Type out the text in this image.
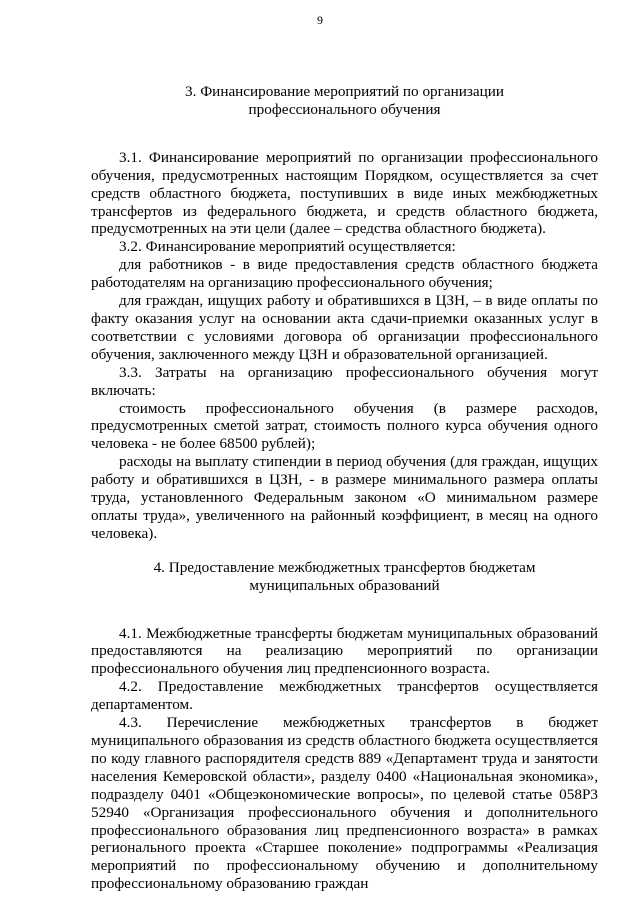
9
3. Финансирование мероприятий по организации
профессионального обучения

3.1. Финансирование мероприятий по организации профессионального обучения, предусмотренных настоящим Порядком, осуществляется за счет средств областного бюджета, поступивших в виде иных межбюджетных трансфертов из федерального бюджета, и средств областного бюджета, предусмотренных на эти цели (далее – средства областного бюджета).

3.2. Финансирование мероприятий осуществляется:

для работников - в виде предоставления средств областного бюджета работодателям на организацию профессионального обучения;

для граждан, ищущих работу и обратившихся в ЦЗН, – в виде оплаты по факту оказания услуг на основании акта сдачи-приемки оказанных услуг в соответствии с условиями договора об организации профессионального обучения, заключенного между ЦЗН и образовательной организацией.

3.3. Затраты на организацию профессионального обучения могут включать:

стоимость профессионального обучения (в размере расходов, предусмотренных сметой затрат, стоимость полного курса обучения одного человека - не более 68500 рублей);

расходы на выплату стипендии в период обучения (для граждан, ищущих работу и обратившихся в ЦЗН, - в размере минимального размера оплаты труда, установленного Федеральным законом «О минимальном размере оплаты труда», увеличенного на районный коэффициент, в месяц на одного человека).

4. Предоставление межбюджетных трансфертов бюджетам
муниципальных образований

4.1. Межбюджетные трансферты бюджетам муниципальных образований предоставляются на реализацию мероприятий по организации профессионального обучения лиц предпенсионного возраста.

4.2. Предоставление межбюджетных трансфертов осуществляется департаментом.

4.3. Перечисление межбюджетных трансфертов в бюджет муниципального образования из средств областного бюджета осуществляется по коду главного распорядителя средств 889 «Департамент труда и занятости населения Кемеровской области», разделу 0400 «Национальная экономика», подразделу 0401 «Общеэкономические вопросы», по целевой статье 058P3 52940 «Организация профессионального обучения и дополнительного профессионального образования лиц предпенсионного возраста» в рамках регионального проекта «Старшее поколение» подпрограммы «Реализация мероприятий по профессиональному обучению и дополнительному профессиональному образованию граждан
